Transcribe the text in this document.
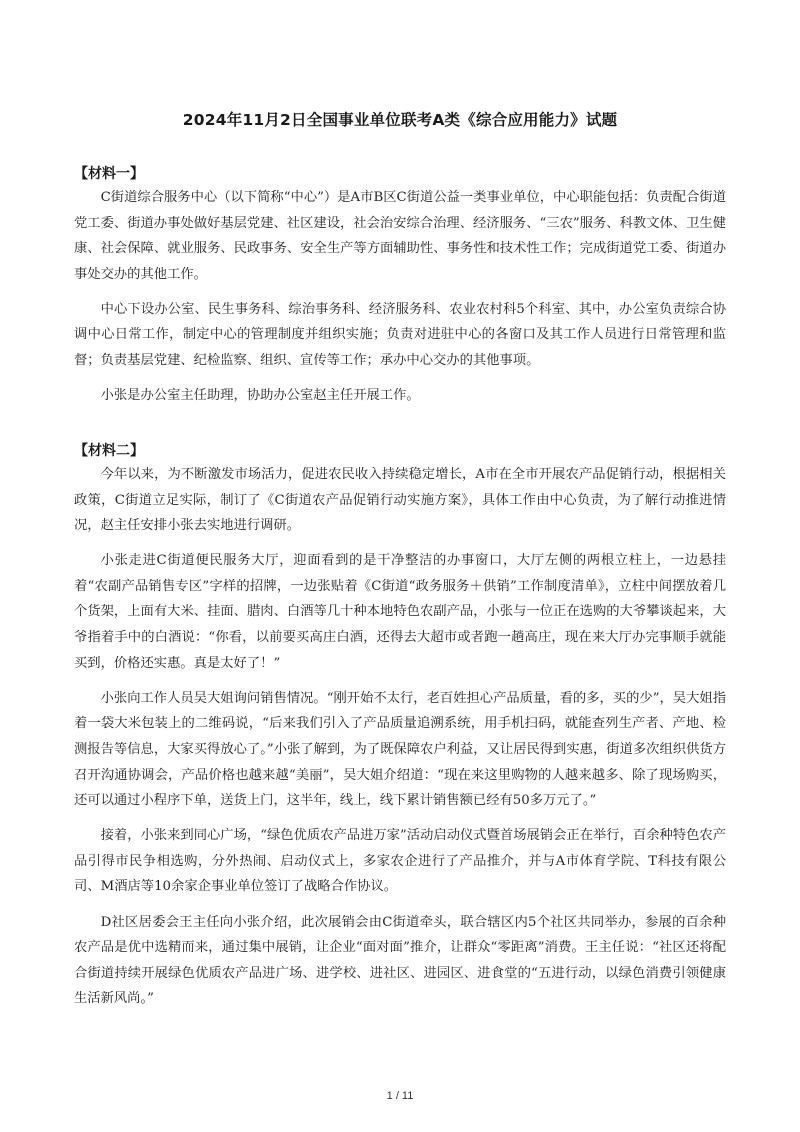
2024年11月2日全国事业单位联考A类《综合应用能力》试题
【材料一】

C街道综合服务中心（以下简称“中心”）是A市B区C街道公益一类事业单位，中心职能包括：负责配合街道党工委、街道办事处做好基层党建、社区建设，社会治安综合治理、经济服务、“三农”服务、科教文体、卫生健康、社会保障、就业服务、民政事务、安全生产等方面辅助性、事务性和技术性工作；完成街道党工委、街道办事处交办的其他工作。

中心下设办公室、民生事务科、综治事务科、经济服务科、农业农村科5个科室、其中，办公室负责综合协调中心日常工作，制定中心的管理制度并组织实施；负责对进驻中心的各窗口及其工作人员进行日常管理和监督；负责基层党建、纪检监察、组织、宣传等工作；承办中心交办的其他事项。

小张是办公室主任助理，协助办公室赵主任开展工作。

【材料二】

今年以来，为不断激发市场活力，促进农民收入持续稳定增长，A市在全市开展农产品促销行动，根据相关政策，C街道立足实际，制订了《C街道农产品促销行动实施方案》，具体工作由中心负责，为了解行动推进情况，赵主任安排小张去实地进行调研。

小张走进C街道便民服务大厅，迎面看到的是干净整洁的办事窗口，大厅左侧的两根立柱上，一边悬挂着“农副产品销售专区”字样的招牌，一边张贴着《C街道“政务服务＋供销”工作制度清单》，立柱中间摆放着几个货架，上面有大米、挂面、腊肉、白酒等几十种本地特色农副产品，小张与一位正在选购的大爷攀谈起来，大爷指着手中的白酒说：“你看，以前要买高庄白酒，还得去大超市或者跑一趟高庄，现在来大厅办完事顺手就能买到，价格还实惠。真是太好了！”

小张向工作人员吴大姐询问销售情况。“刚开始不太行，老百姓担心产品质量，看的多，买的少”，吴大姐指着一袋大米包装上的二维码说，“后来我们引入了产品质量追溯系统，用手机扫码，就能查列生产者、产地、检测报告等信息，大家买得放心了。”小张了解到，为了既保障农户利益，又让居民得到实惠，街道多次组织供货方召开沟通协调会，产品价格也越来越“美丽”，吴大姐介绍道：“现在来这里购物的人越来越多、除了现场购买，还可以通过小程序下单，送货上门，这半年，线上，线下累计销售额已经有50多万元了。”

接着，小张来到同心广场，“绿色优质农产品进万家”活动启动仪式暨首场展销会正在举行，百余种特色农产品引得市民争相选购，分外热闹、启动仪式上，多家农企进行了产品推介，并与A市体育学院、T科技有限公司、M酒店等10余家企事业单位签订了战略合作协议。

D社区居委会王主任向小张介绍，此次展销会由C街道牵头，联合辖区内5个社区共同举办，参展的百余种农产品是优中选精而来，通过集中展销，让企业“面对面”推介，让群众“零距离”消费。王主任说：“社区还将配合街道持续开展绿色优质农产品进广场、进学校、进社区、进园区、进食堂的“五进行动，以绿色消费引领健康生活新风尚。”

1 / 11
